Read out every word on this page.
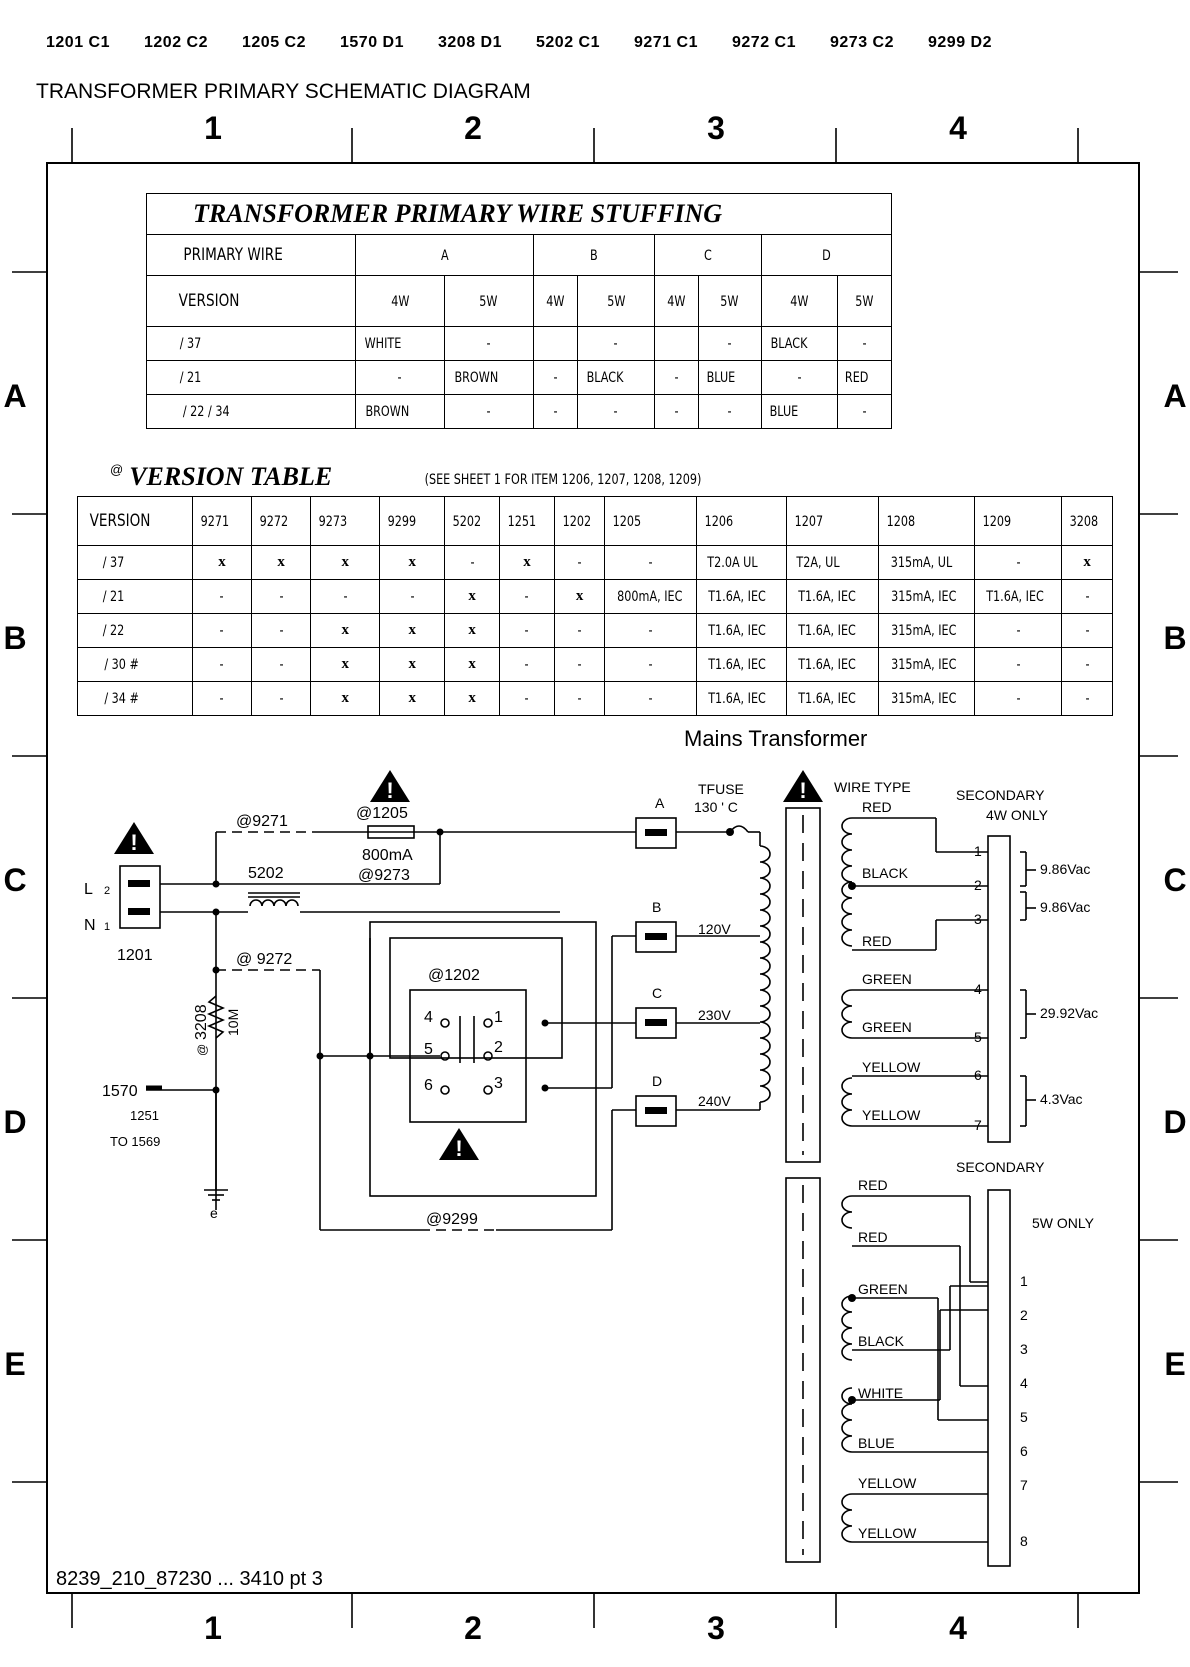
1201 C1 1202 C2 1205 C2 1570 D1 3208 D1 5202 C1 9271 C1 9272 C1 9273 C2 9299 D2
TRANSFORMER PRIMARY SCHEMATIC DIAGRAM
1	2	3	4
1	2	3	4
A
B
C
D
E
A
B
C
D
E
TRANSFORMER PRIMARY WIRE STUFFING								
PRIMARY WIRE	A		B		C		D	
VERSION	4W	5W	4W	5W	4W	5W	4W	5W
/ 37	WHITE	-		-		-	BLACK	-
/ 21	-	BROWN	-	BLACK	-	BLUE	-	RED
/ 22 / 34	BROWN	-	-	-	-	-	BLUE	-
@ VERSION TABLE	(SEE SHEET 1 FOR ITEM 1206, 1207, 1208, 1209)
VERSION	9271	9272	9273	9299	5202	1251	1202	1205	1206	1207	1208	1209	3208
/ 37	x	x	x	x	-	x	-	-	T2.0A UL	T2A, UL	315mA, UL	-	x
/ 21	-	-	-	-	x	-	x	800mA, IEC	T1.6A, IEC	T1.6A, IEC	315mA, IEC	T1.6A, IEC	-
/ 22	-	-	x	x	x	-	-	-	T1.6A, IEC	T1.6A, IEC	315mA, IEC	-	-
/ 30 #	-	-	x	x	x	-	-	-	T1.6A, IEC	T1.6A, IEC	315mA, IEC	-	-
/ 34 #	-	-	x	x	x	-	-	-	T1.6A, IEC	T1.6A, IEC	315mA, IEC	-	-
Mains Transformer
!
!
!
!
@9271	@1205
800mA
@9273
5202
@ 9272
1201
L 2
N 1
@1202
4	1
5	2
6	3
3208
@
10M
1570
1251
TO 1569
e	@9299
A
B
C
D
120V
230V
240V
TFUSE
130 ' C
WIRE TYPE	SECONDARY
4W ONLY
SECONDARY
5W ONLY
RED
BLACK
RED
GREEN
GREEN
YELLOW
YELLOW
1
2
3
4
5
6
7
9.86Vac
9.86Vac
29.92Vac
4.3Vac
RED
RED
GREEN
BLACK
WHITE
BLUE
YELLOW
YELLOW
1
2
3
4
5
6
7
8
8239_210_87230 ... 3410 pt 3
